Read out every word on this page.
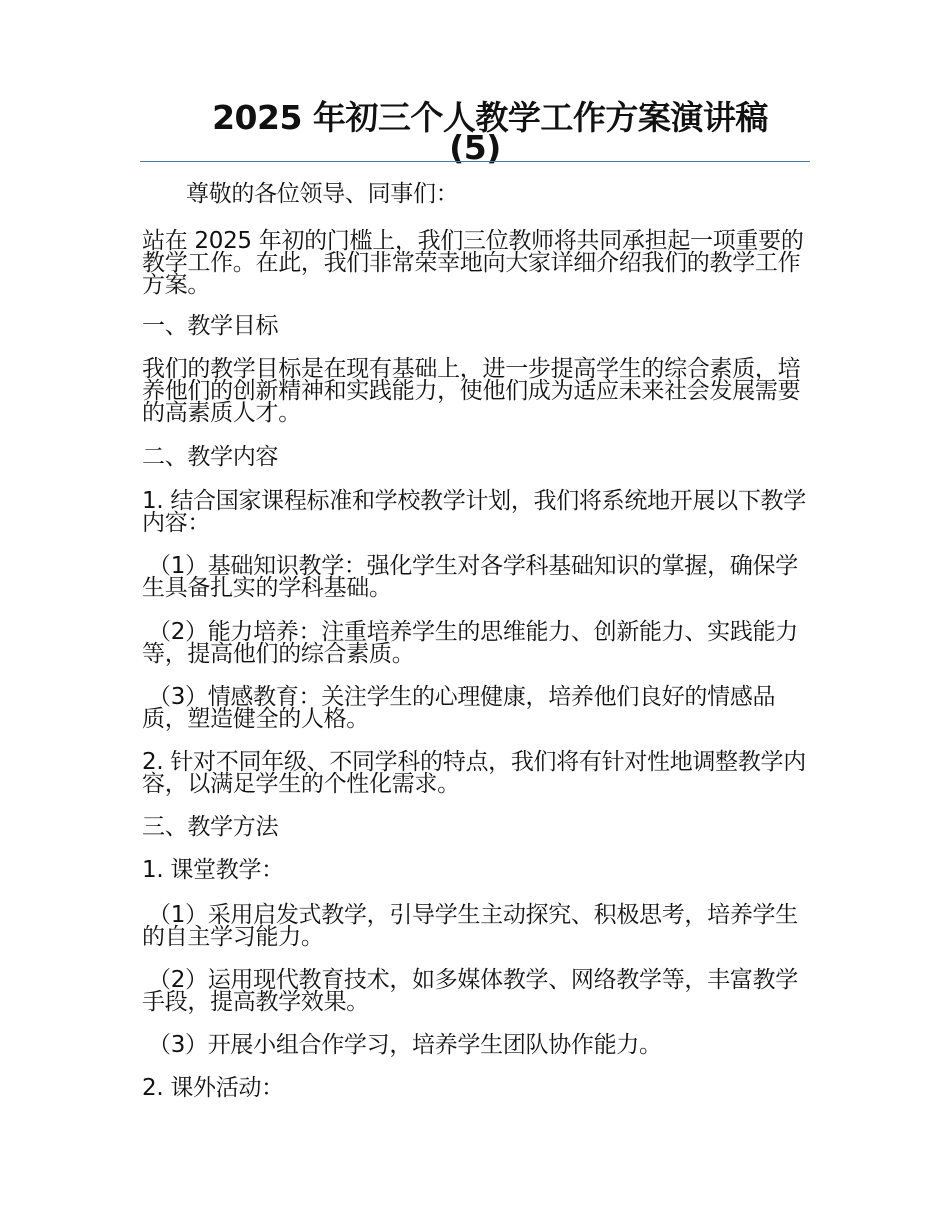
2025 年初三个人教学工作方案演讲稿
(5)

尊敬的各位领导、同事们：

站在 2025 年初的门槛上，我们三位教师将共同承担起一项重要的教学工作。在此，我们非常荣幸地向大家详细介绍我们的教学工作方案。

一、教学目标

我们的教学目标是在现有基础上，进一步提高学生的综合素质，培养他们的创新精神和实践能力，使他们成为适应未来社会发展需要的高素质人才。

二、教学内容

1. 结合国家课程标准和学校教学计划，我们将系统地开展以下教学内容：

（1）基础知识教学：强化学生对各学科基础知识的掌握，确保学生具备扎实的学科基础。

（2）能力培养：注重培养学生的思维能力、创新能力、实践能力等，提高他们的综合素质。

（3）情感教育：关注学生的心理健康，培养他们良好的情感品质，塑造健全的人格。

2. 针对不同年级、不同学科的特点，我们将有针对性地调整教学内容，以满足学生的个性化需求。

三、教学方法

1. 课堂教学：

（1）采用启发式教学，引导学生主动探究、积极思考，培养学生的自主学习能力。

（2）运用现代教育技术，如多媒体教学、网络教学等，丰富教学手段，提高教学效果。

（3）开展小组合作学习，培养学生团队协作能力。

2. 课外活动：
